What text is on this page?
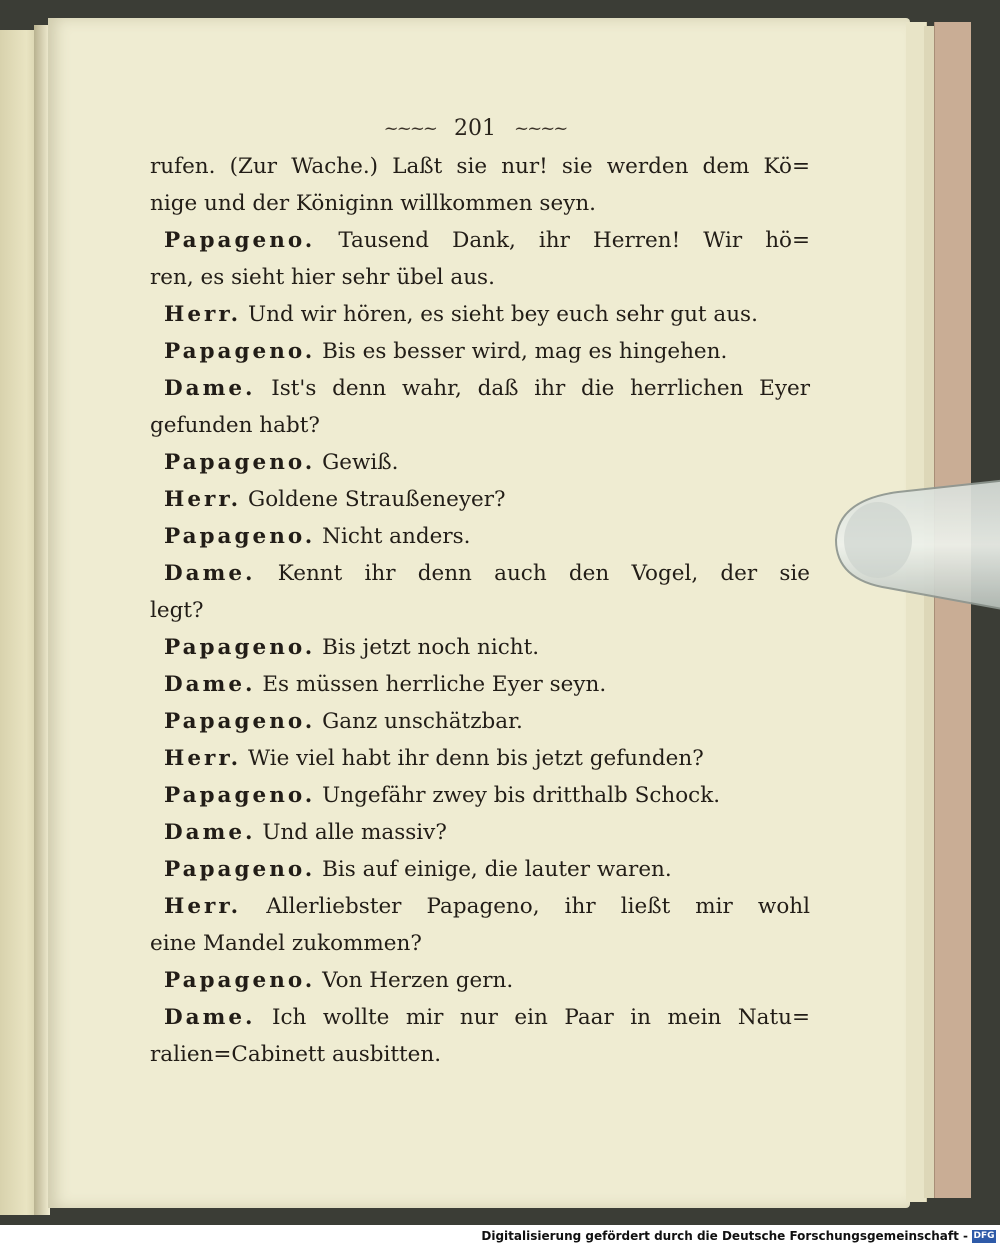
~~~~ 201 ~~~~
rufen. (Zur Wache.) Laßt sie nur! sie werden dem Kö=
nige und der Königinn willkommen seyn.
Papageno. Tausend Dank, ihr Herren! Wir hö=
ren, es sieht hier sehr übel aus.
Herr. Und wir hören, es sieht bey euch sehr gut aus.
Papageno. Bis es besser wird, mag es hingehen.
Dame. Ist's denn wahr, daß ihr die herrlichen Eyer
gefunden habt?
Papageno. Gewiß.
Herr. Goldene Straußeneyer?
Papageno. Nicht anders.
Dame. Kennt ihr denn auch den Vogel, der sie
legt?
Papageno. Bis jetzt noch nicht.
Dame. Es müssen herrliche Eyer seyn.
Papageno. Ganz unschätzbar.
Herr. Wie viel habt ihr denn bis jetzt gefunden?
Papageno. Ungefähr zwey bis dritthalb Schock.
Dame. Und alle massiv?
Papageno. Bis auf einige, die lauter waren.
Herr. Allerliebster Papageno, ihr ließt mir wohl
eine Mandel zukommen?
Papageno. Von Herzen gern.
Dame. Ich wollte mir nur ein Paar in mein Natu=
ralien=Cabinett ausbitten.
Digitalisierung gefördert durch die Deutsche Forschungsgemeinschaft - DFG
